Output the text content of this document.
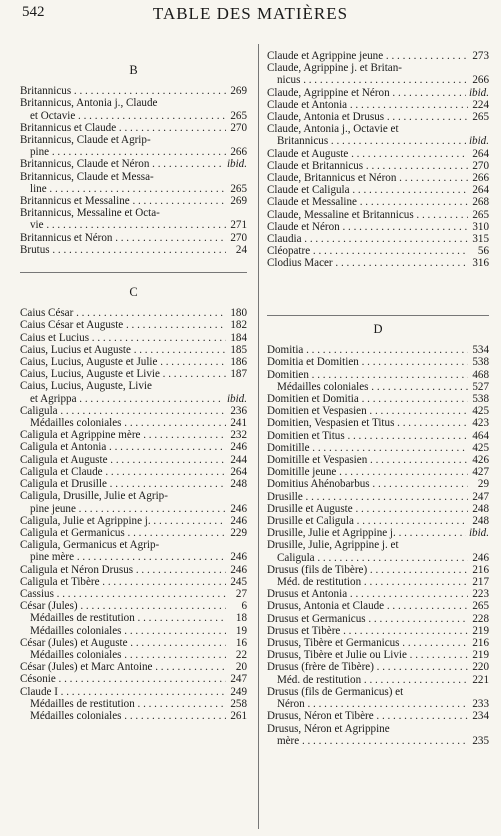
542	TABLE DES MATIÈRES
B
Britannicus . . .	269
Britannicus, Antonia j., Claude
et Octavie . . .	265
Britannicus et Claude . . .	270
Britannicus, Claude et Agrip-
pine . . .	266
Britannicus, Claude et Néron . . .	ibid.
Britannicus, Claude et Messa-
line . . .	265
Britannicus et Messaline . . .	269
Britannicus, Messaline et Octa-
vie . . .	271
Britannicus et Néron . . .	270
Brutus . . .	24
C
Caius César . . .	180
Caius César et Auguste . . .	182
Caius et Lucius . . .	184
Caius, Lucius et Auguste . . .	185
Caius, Lucius, Auguste et Julie . . .	186
Caius, Lucius, Auguste et Livie . . .	187
Caius, Lucius, Auguste, Livie
et Agrippa . . .	ibid.
Caligula . . .	236
Médailles coloniales . . .	241
Caligula et Agrippine mère . . .	232
Caligula et Antonia . . .	246
Caligula et Auguste . . .	244
Caligula et Claude . . .	264
Caligula et Drusille . . .	248
Caligula, Drusille, Julie et Agrip-
pine jeune . . .	246
Caligula, Julie et Agrippine j. . . .	246
Caligula et Germanicus . . .	229
Caligula, Germanicus et Agrip-
pine mère . . .	246
Caligula et Néron Drusus . . .	246
Caligula et Tibère . . .	245
Cassius . . .	27
César (Jules) . . .	6
Médailles de restitution . . .	18
Médailles coloniales . . .	19
César (Jules) et Auguste . . .	16
Médailles coloniales . . .	22
César (Jules) et Marc Antoine . . .	20
Césonie . . .	247
Claude I . . .	249
Médailles de restitution . . .	258
Médailles coloniales . . .	261
Claude et Agrippine jeune . . .	273
Claude, Agrippine j. et Britan-
nicus . . .	266
Claude, Agrippine et Néron . . .	ibid.
Claude et Antonia . . .	224
Claude, Antonia et Drusus . . .	265
Claude, Antonia j., Octavie et
Britannicus . . .	ibid.
Claude et Auguste . . .	264
Claude et Britannicus . . .	270
Claude, Britannicus et Néron . . .	266
Claude et Caligula . . .	264
Claude et Messaline . . .	268
Claude, Messaline et Britannicus . . .	265
Claude et Néron . . .	310
Claudia . . .	315
Cléopatre . . .	56
Clodius Macer . . .	316
D
Domitia . . .	534
Domitia et Domitien . . .	538
Domitien . . .	468
Médailles coloniales . . .	527
Domitien et Domitia . . .	538
Domitien et Vespasien . . .	425
Domitien, Vespasien et Titus . . .	423
Domitien et Titus . . .	464
Domitille . . .	425
Domitille et Vespasien . . .	426
Domitille jeune . . .	427
Domitius Ahénobarbus . . .	29
Drusille . . .	247
Drusille et Auguste . . .	248
Drusille et Caligula . . .	248
Drusille, Julie et Agrippine j. . . .	ibid.
Drusille, Julie, Agrippine j. et
Caligula . . .	246
Drusus (fils de Tibère) . . .	216
Méd. de restitution . . .	217
Drusus et Antonia . . .	223
Drusus, Antonia et Claude . . .	265
Drusus et Germanicus . . .	228
Drusus et Tibère . . .	219
Drusus, Tibère et Germanicus . . .	216
Drusus, Tibère et Julie ou Livie . . .	219
Drusus (frère de Tibère) . . .	220
Méd. de restitution . . .	221
Drusus (fils de Germanicus) et
Néron . . .	233
Drusus, Néron et Tibère . . .	234
Drusus, Néron et Agrippine
mère . . .	235
